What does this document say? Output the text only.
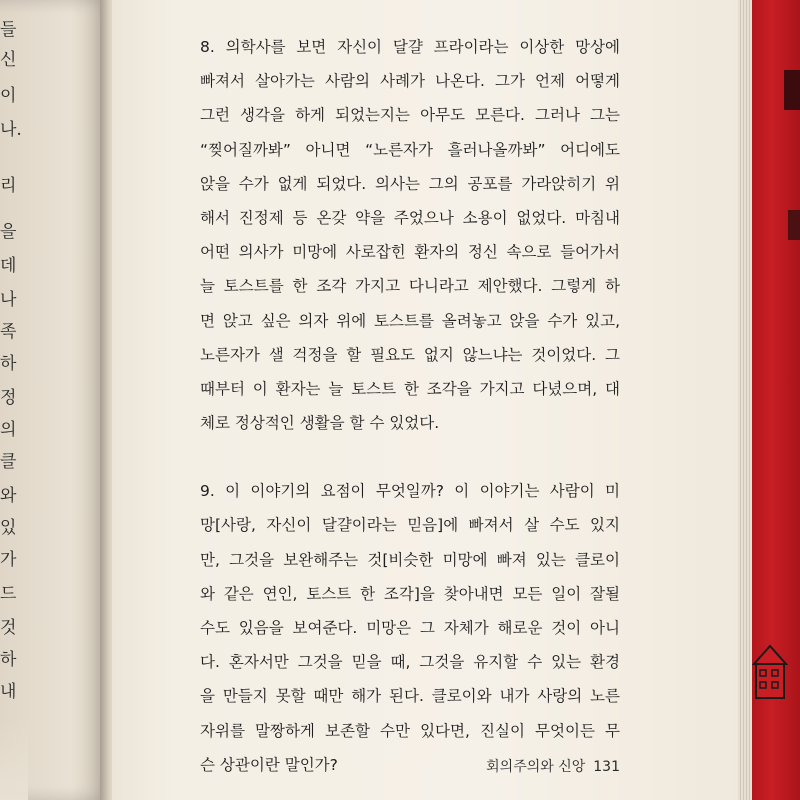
들
신
이
나.
리
을
데
나
족
하
정
의
클
와
있
가
드
것
하
내
8. 의학사를 보면 자신이 달걀 프라이라는 이상한 망상에
빠져서 살아가는 사람의 사례가 나온다. 그가 언제 어떻게
그런 생각을 하게 되었는지는 아무도 모른다. 그러나 그는
“찢어질까봐” 아니면 “노른자가 흘러나올까봐” 어디에도
앉을 수가 없게 되었다. 의사는 그의 공포를 가라앉히기 위
해서 진정제 등 온갖 약을 주었으나 소용이 없었다. 마침내
어떤 의사가 미망에 사로잡힌 환자의 정신 속으로 들어가서
늘 토스트를 한 조각 가지고 다니라고 제안했다. 그렇게 하
면 앉고 싶은 의자 위에 토스트를 올려놓고 앉을 수가 있고,
노른자가 샐 걱정을 할 필요도 없지 않느냐는 것이었다. 그
때부터 이 환자는 늘 토스트 한 조각을 가지고 다녔으며, 대
체로 정상적인 생활을 할 수 있었다.
9. 이 이야기의 요점이 무엇일까? 이 이야기는 사람이 미
망[사랑, 자신이 달걀이라는 믿음]에 빠져서 살 수도 있지
만, 그것을 보완해주는 것[비슷한 미망에 빠져 있는 클로이
와 같은 연인, 토스트 한 조각]을 찾아내면 모든 일이 잘될
수도 있음을 보여준다. 미망은 그 자체가 해로운 것이 아니
다. 혼자서만 그것을 믿을 때, 그것을 유지할 수 있는 환경
을 만들지 못할 때만 해가 된다. 클로이와 내가 사랑의 노른
자위를 말짱하게 보존할 수만 있다면, 진실이 무엇이든 무
슨 상관이란 말인가?	회의주의와 신앙 131
